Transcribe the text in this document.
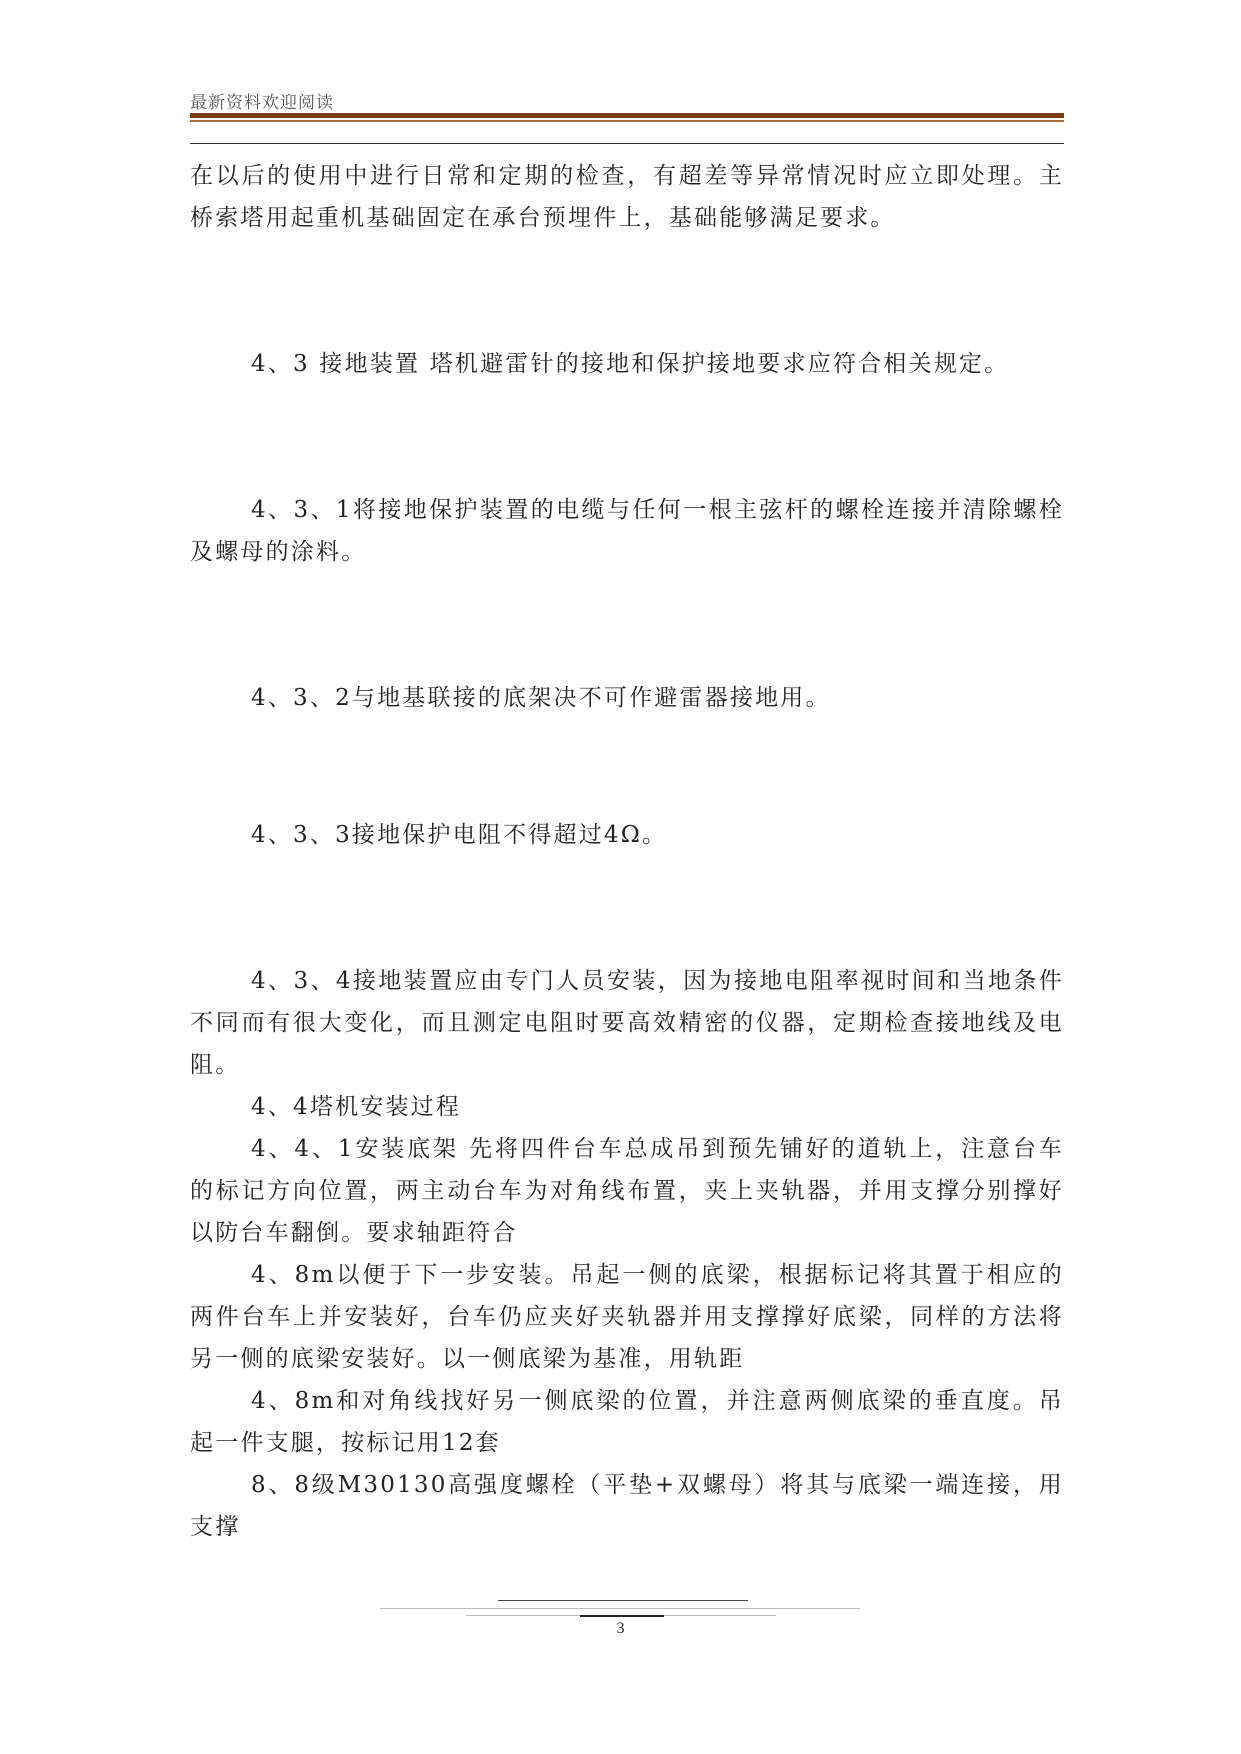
最新资料欢迎阅读

在以后的使用中进行日常和定期的检查，有超差等异常情况时应立即处理。主桥索塔用起重机基础固定在承台预埋件上，基础能够满足要求。

4、3 接地装置 塔机避雷针的接地和保护接地要求应符合相关规定。

4、3、1将接地保护装置的电缆与任何一根主弦杆的螺栓连接并清除螺栓及螺母的涂料。

4、3、2与地基联接的底架决不可作避雷器接地用。

4、3、3接地保护电阻不得超过4Ω。

4、3、4接地装置应由专门人员安装，因为接地电阻率视时间和当地条件不同而有很大变化，而且测定电阻时要高效精密的仪器，定期检查接地线及电阻。

4、4塔机安装过程

4、4、1安装底架 先将四件台车总成吊到预先铺好的道轨上，注意台车的标记方向位置，两主动台车为对角线布置，夹上夹轨器，并用支撑分别撑好以防台车翻倒。要求轴距符合

4、8m以便于下一步安装。吊起一侧的底梁，根据标记将其置于相应的两件台车上并安装好，台车仍应夹好夹轨器并用支撑撑好底梁，同样的方法将另一侧的底梁安装好。以一侧底梁为基准，用轨距

4、8m和对角线找好另一侧底梁的位置，并注意两侧底梁的垂直度。吊起一件支腿，按标记用12套

8、8级M30130高强度螺栓（平垫+双螺母）将其与底梁一端连接，用支撑

3
